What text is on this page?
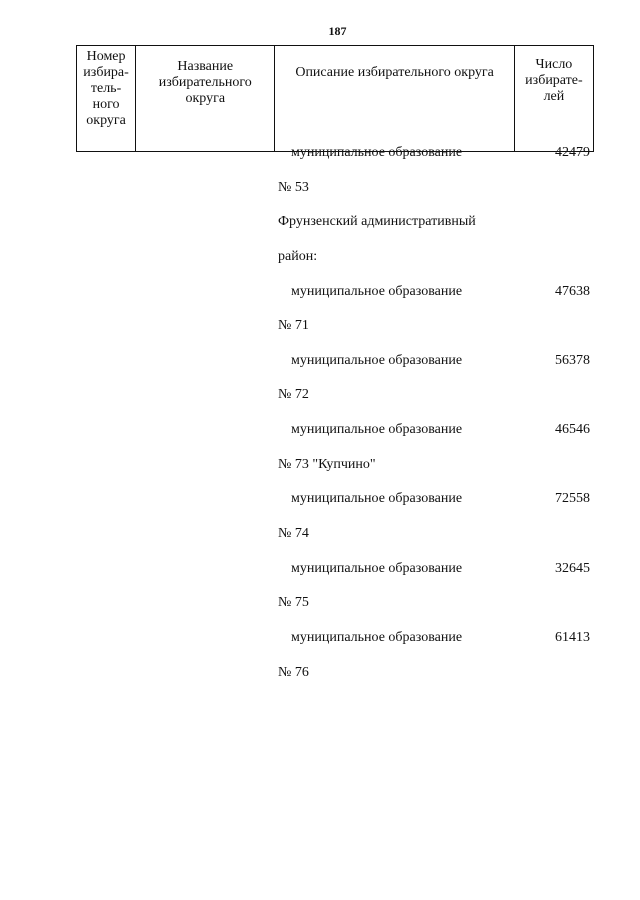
187
Номер
избира-
тель-
ного
округа

Название
избирательного
округа

Описание избирательного округа

Число
избирате-
лей
муниципальное образование	42479
№ 53
Фрунзенский административный
район:
муниципальное образование	47638
№ 71
муниципальное образование	56378
№ 72
муниципальное образование	46546
№ 73 "Купчино"
муниципальное образование	72558
№ 74
муниципальное образование	32645
№ 75
муниципальное образование	61413
№ 76
